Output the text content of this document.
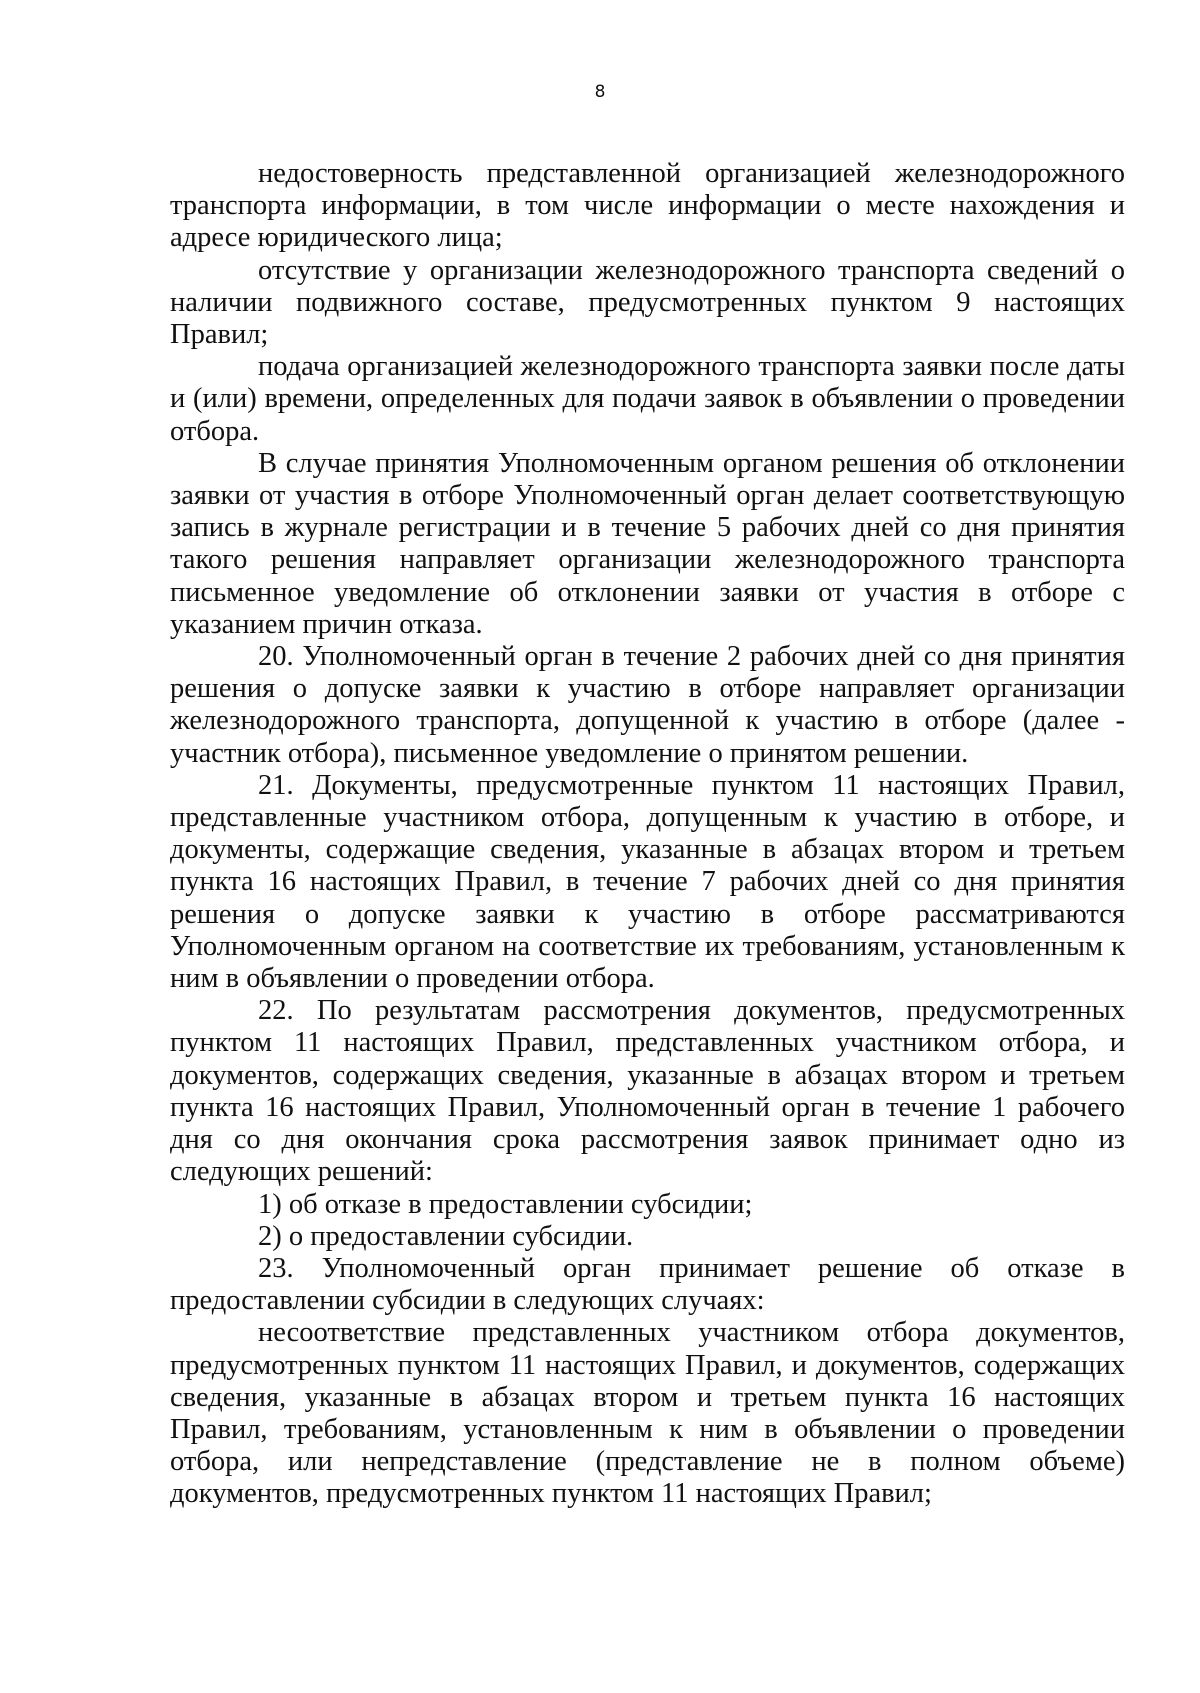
8

недостоверность представленной организацией железнодорожного транспорта информации, в том числе информации о месте нахождения и адресе юридического лица;

отсутствие у организации железнодорожного транспорта сведений о наличии подвижного составе, предусмотренных пунктом 9 настоящих Правил;

подача организацией железнодорожного транспорта заявки после даты и (или) времени, определенных для подачи заявок в объявлении о проведении отбора.

В случае принятия Уполномоченным органом решения об отклонении заявки от участия в отборе Уполномоченный орган делает соответствующую запись в журнале регистрации и в течение 5 рабочих дней со дня принятия такого решения направляет организации железнодорожного транспорта письменное уведомление об отклонении заявки от участия в отборе с указанием причин отказа.

20. Уполномоченный орган в течение 2 рабочих дней со дня принятия решения о допуске заявки к участию в отборе направляет организации железнодорожного транспорта, допущенной к участию в отборе (далее - участник отбора), письменное уведомление о принятом решении.

21. Документы, предусмотренные пунктом 11 настоящих Правил, представленные участником отбора, допущенным к участию в отборе, и документы, содержащие сведения, указанные в абзацах втором и третьем пункта 16 настоящих Правил, в течение 7 рабочих дней со дня принятия решения о допуске заявки к участию в отборе рассматриваются Уполномоченным органом на соответствие их требованиям, установленным к ним в объявлении о проведении отбора.

22. По результатам рассмотрения документов, предусмотренных пунктом 11 настоящих Правил, представленных участником отбора, и документов, содержащих сведения, указанные в абзацах втором и третьем пункта 16 настоящих Правил, Уполномоченный орган в течение 1 рабочего дня со дня окончания срока рассмотрения заявок принимает одно из следующих решений:

1) об отказе в предоставлении субсидии;

2) о предоставлении субсидии.

23. Уполномоченный орган принимает решение об отказе в предоставлении субсидии в следующих случаях:

несоответствие представленных участником отбора документов, предусмотренных пунктом 11 настоящих Правил, и документов, содержащих сведения, указанные в абзацах втором и третьем пункта 16 настоящих Правил, требованиям, установленным к ним в объявлении о проведении отбора, или непредставление (представление не в полном объеме) документов, предусмотренных пунктом 11 настоящих Правил;
